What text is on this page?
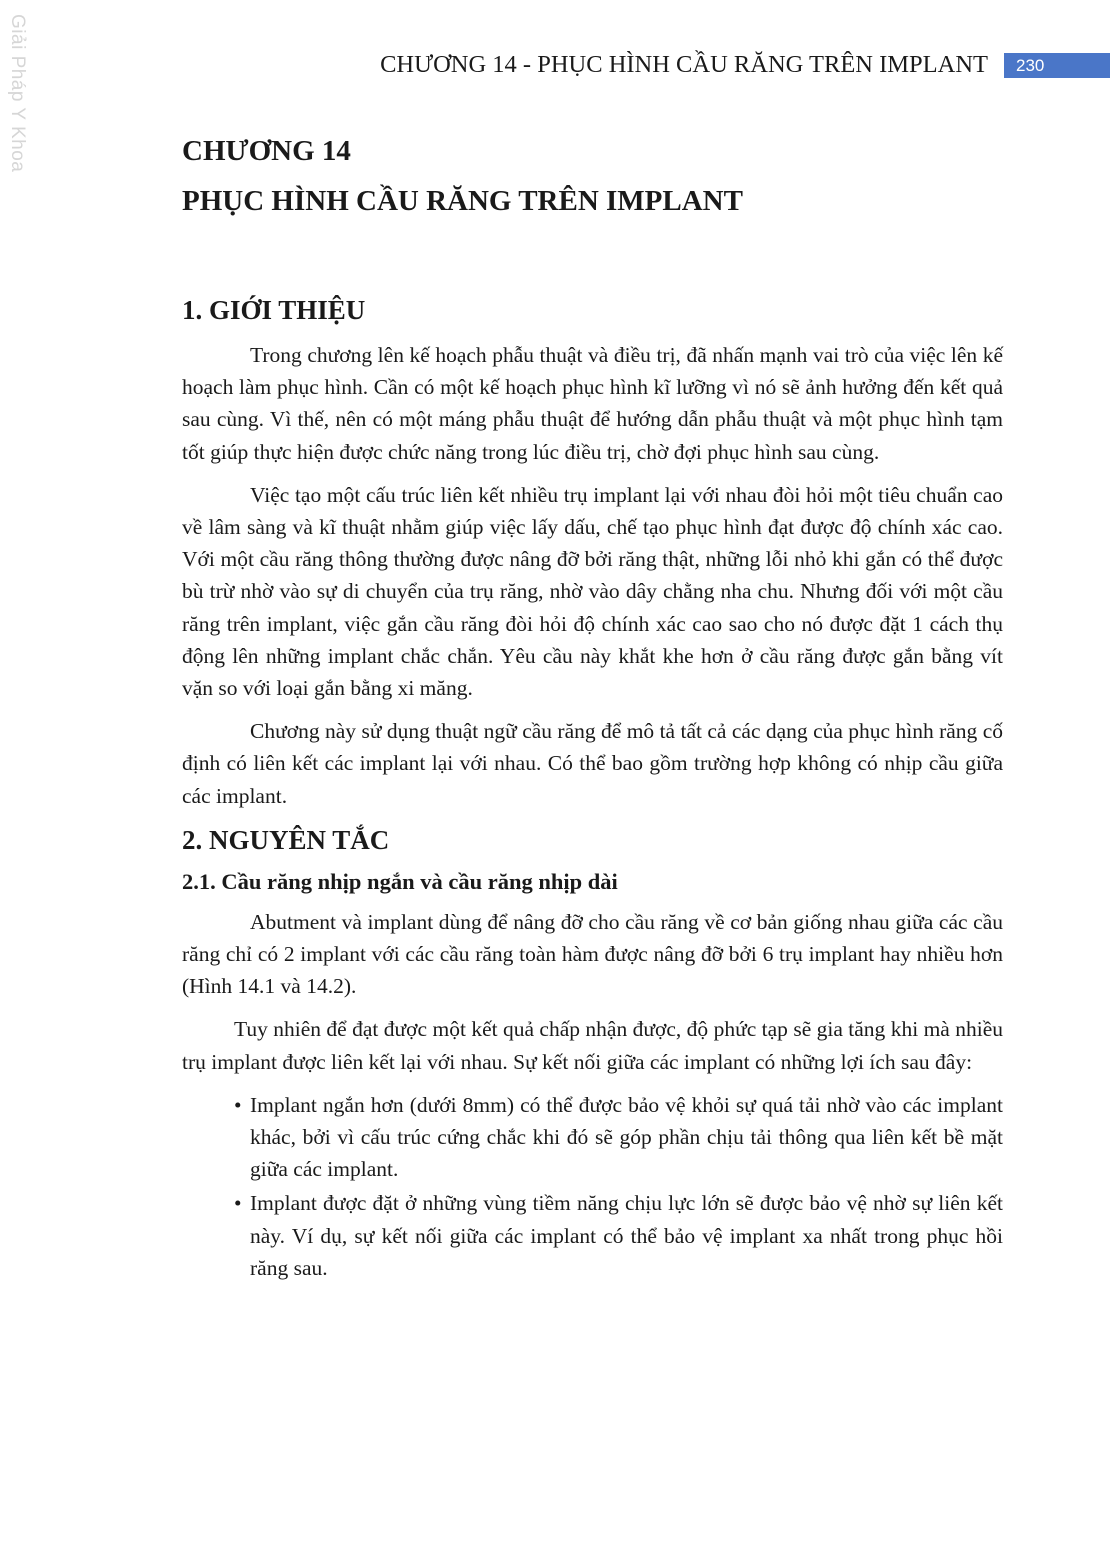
Giải Pháp Y Khoa	CHƯƠNG 14 - PHỤC HÌNH CẦU RĂNG TRÊN IMPLANT	230
CHƯƠNG 14
PHỤC HÌNH CẦU RĂNG TRÊN IMPLANT
1. GIỚI THIỆU

Trong chương lên kế hoạch phẫu thuật và điều trị, đã nhấn mạnh vai trò của việc lên kế hoạch làm phục hình. Cần có một kế hoạch phục hình kĩ lưỡng vì nó sẽ ảnh hưởng đến kết quả sau cùng. Vì thế, nên có một máng phẫu thuật để hướng dẫn phẫu thuật và một phục hình tạm tốt giúp thực hiện được chức năng trong lúc điều trị, chờ đợi phục hình sau cùng.

Việc tạo một cấu trúc liên kết nhiều trụ implant lại với nhau đòi hỏi một tiêu chuẩn cao về lâm sàng và kĩ thuật nhằm giúp việc lấy dấu, chế tạo phục hình đạt được độ chính xác cao. Với một cầu răng thông thường được nâng đỡ bởi răng thật, những lỗi nhỏ khi gắn có thể được bù trừ nhờ vào sự di chuyển của trụ răng, nhờ vào dây chằng nha chu. Nhưng đối với một cầu răng trên implant, việc gắn cầu răng đòi hỏi độ chính xác cao sao cho nó được đặt 1 cách thụ động lên những implant chắc chắn. Yêu cầu này khắt khe hơn ở cầu răng được gắn bằng vít vặn so với loại gắn bằng xi măng.

Chương này sử dụng thuật ngữ cầu răng để mô tả tất cả các dạng của phục hình răng cố định có liên kết các implant lại với nhau. Có thể bao gồm trường hợp không có nhịp cầu giữa các implant.

2. NGUYÊN TẮC
2.1. Cầu răng nhịp ngắn và cầu răng nhịp dài

Abutment và implant dùng để nâng đỡ cho cầu răng về cơ bản giống nhau giữa các cầu răng chỉ có 2 implant với các cầu răng toàn hàm được nâng đỡ bởi 6 trụ implant hay nhiều hơn (Hình 14.1 và 14.2).

Tuy nhiên để đạt được một kết quả chấp nhận được, độ phức tạp sẽ gia tăng khi mà nhiều trụ implant được liên kết lại với nhau. Sự kết nối giữa các implant có những lợi ích sau đây:

• Implant ngắn hơn (dưới 8mm) có thể được bảo vệ khỏi sự quá tải nhờ vào các implant khác, bởi vì cấu trúc cứng chắc khi đó sẽ góp phần chịu tải thông qua liên kết bề mặt giữa các implant.
• Implant được đặt ở những vùng tiềm năng chịu lực lớn sẽ được bảo vệ nhờ sự liên kết này. Ví dụ, sự kết nối giữa các implant có thể bảo vệ implant xa nhất trong phục hồi răng sau.
